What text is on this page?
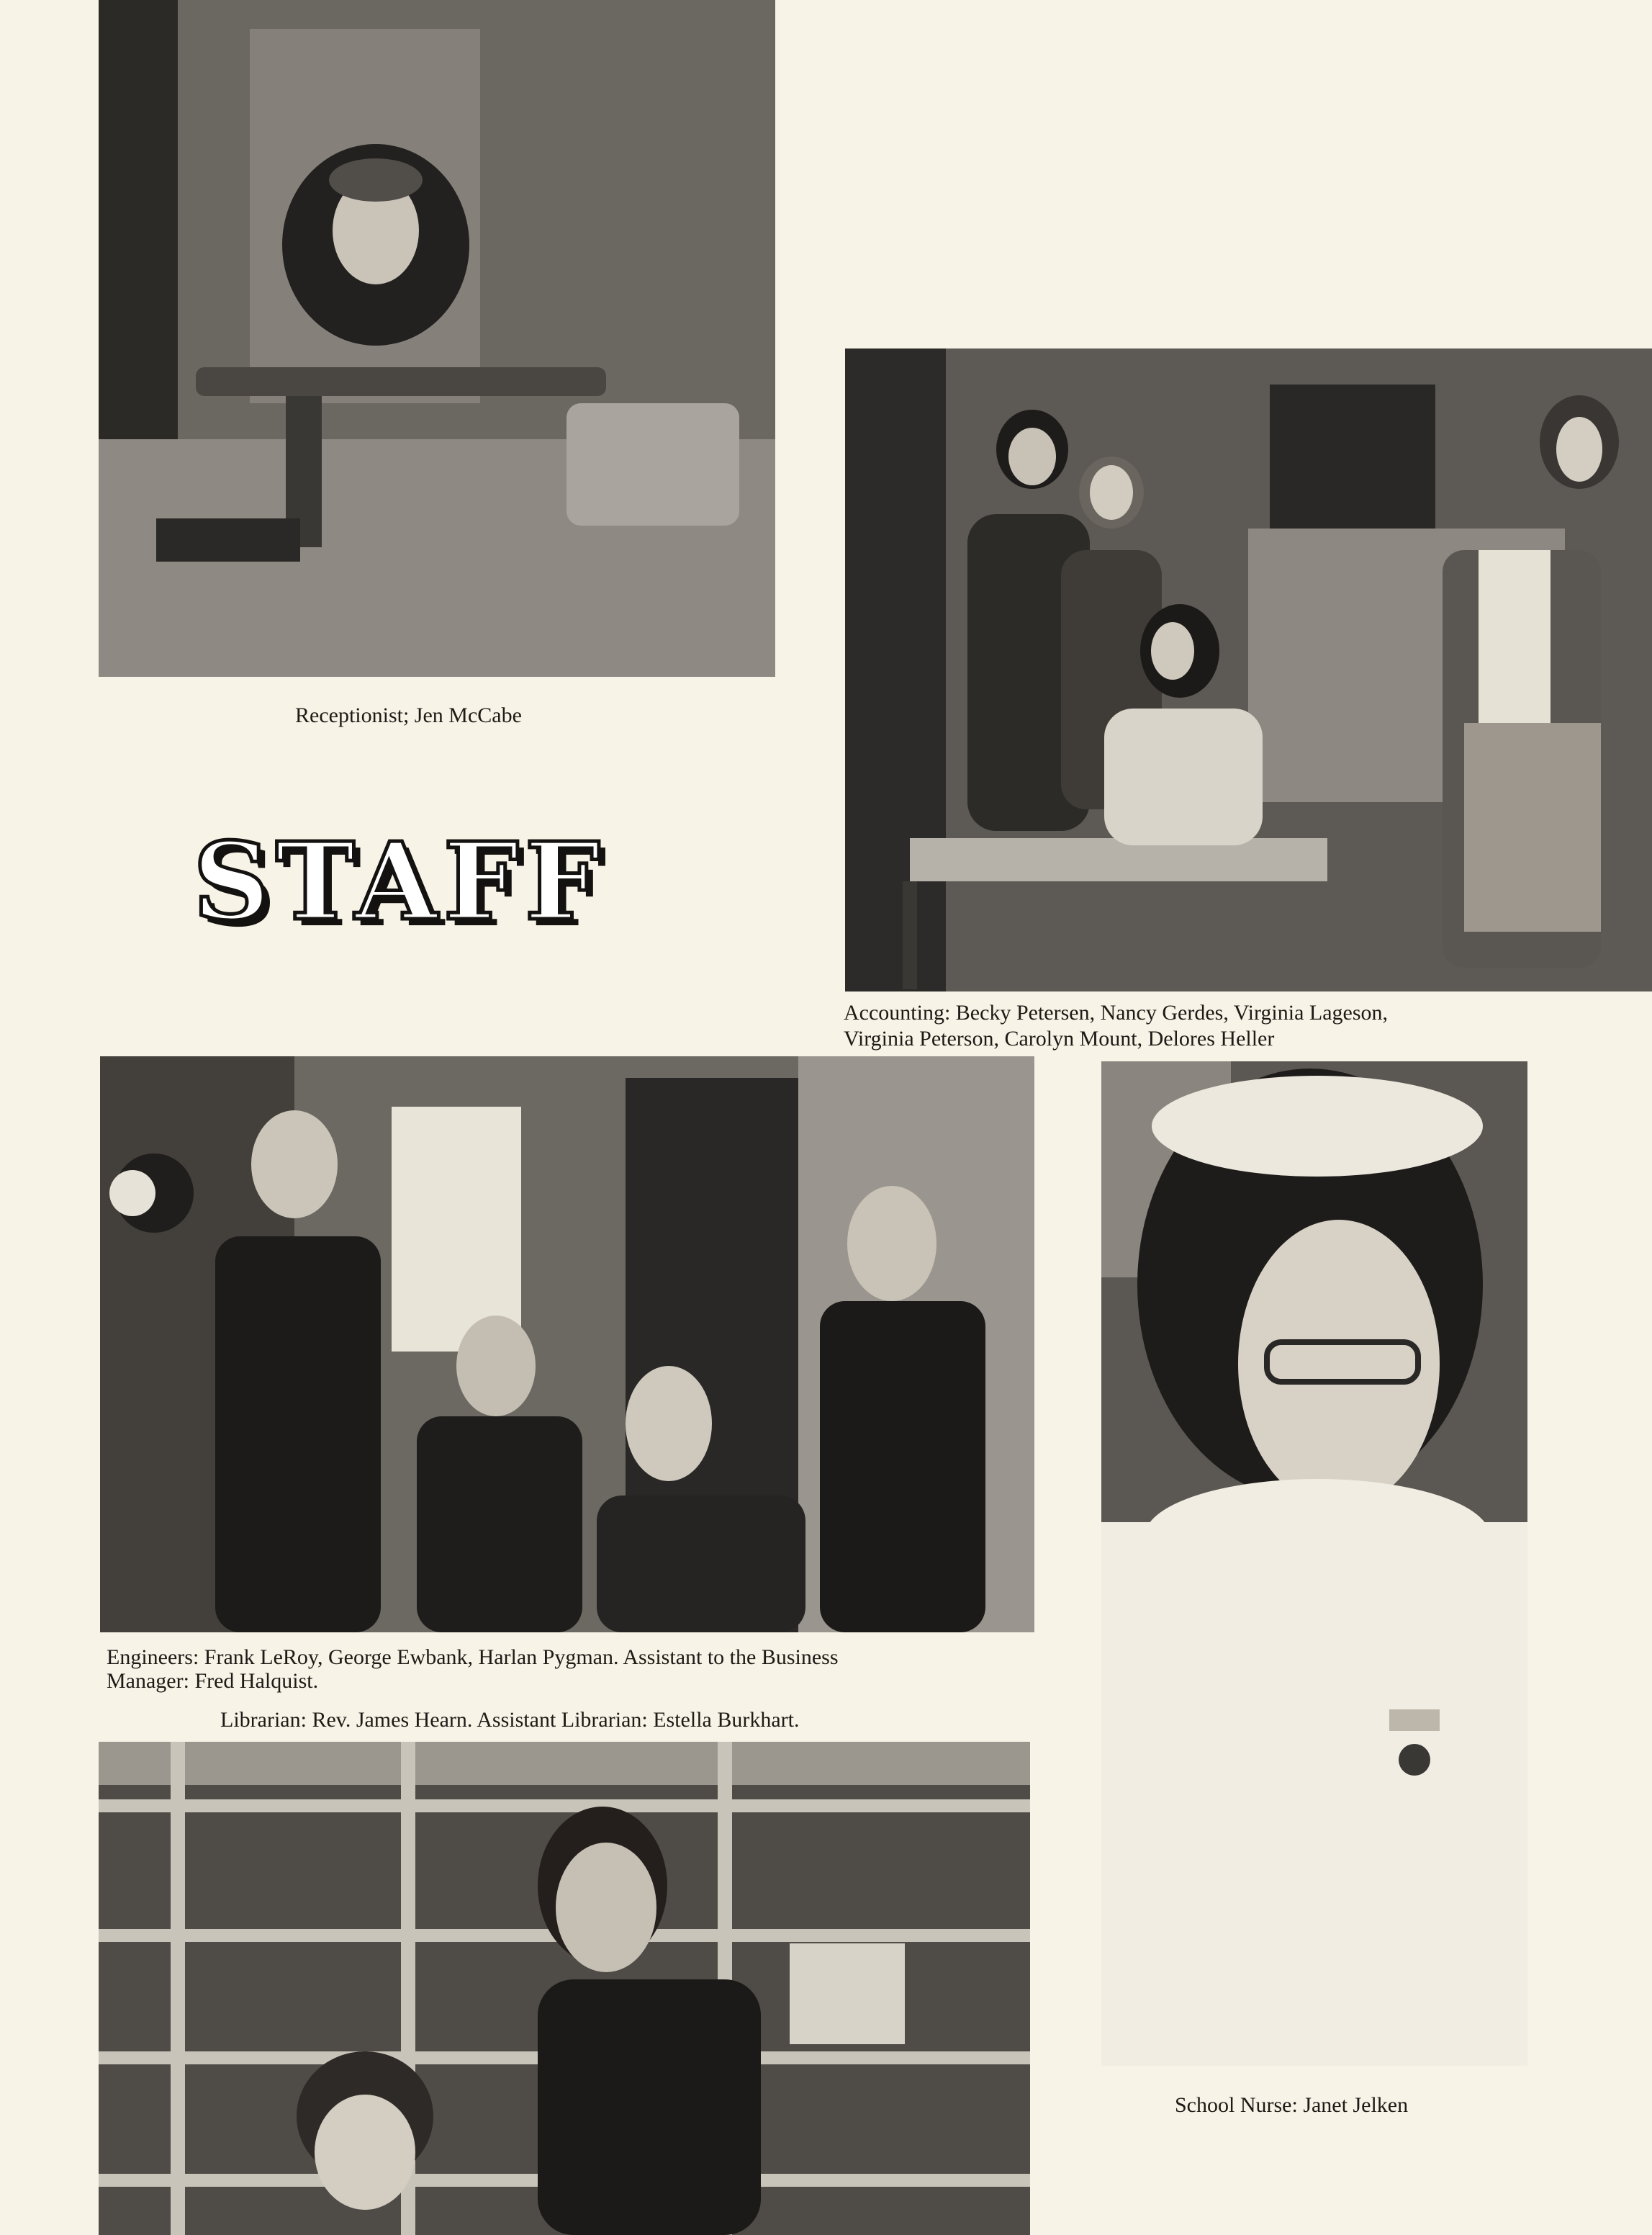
Receptionist; Jen McCabe
STAFF
Accounting: Becky Petersen, Nancy Gerdes, Virginia Lageson,
Virginia Peterson, Carolyn Mount, Delores Heller
Engineers: Frank LeRoy, George Ewbank, Harlan Pygman. Assistant to the Business
Manager: Fred Halquist.
Librarian: Rev. James Hearn. Assistant Librarian: Estella Burkhart.
School Nurse: Janet Jelken
